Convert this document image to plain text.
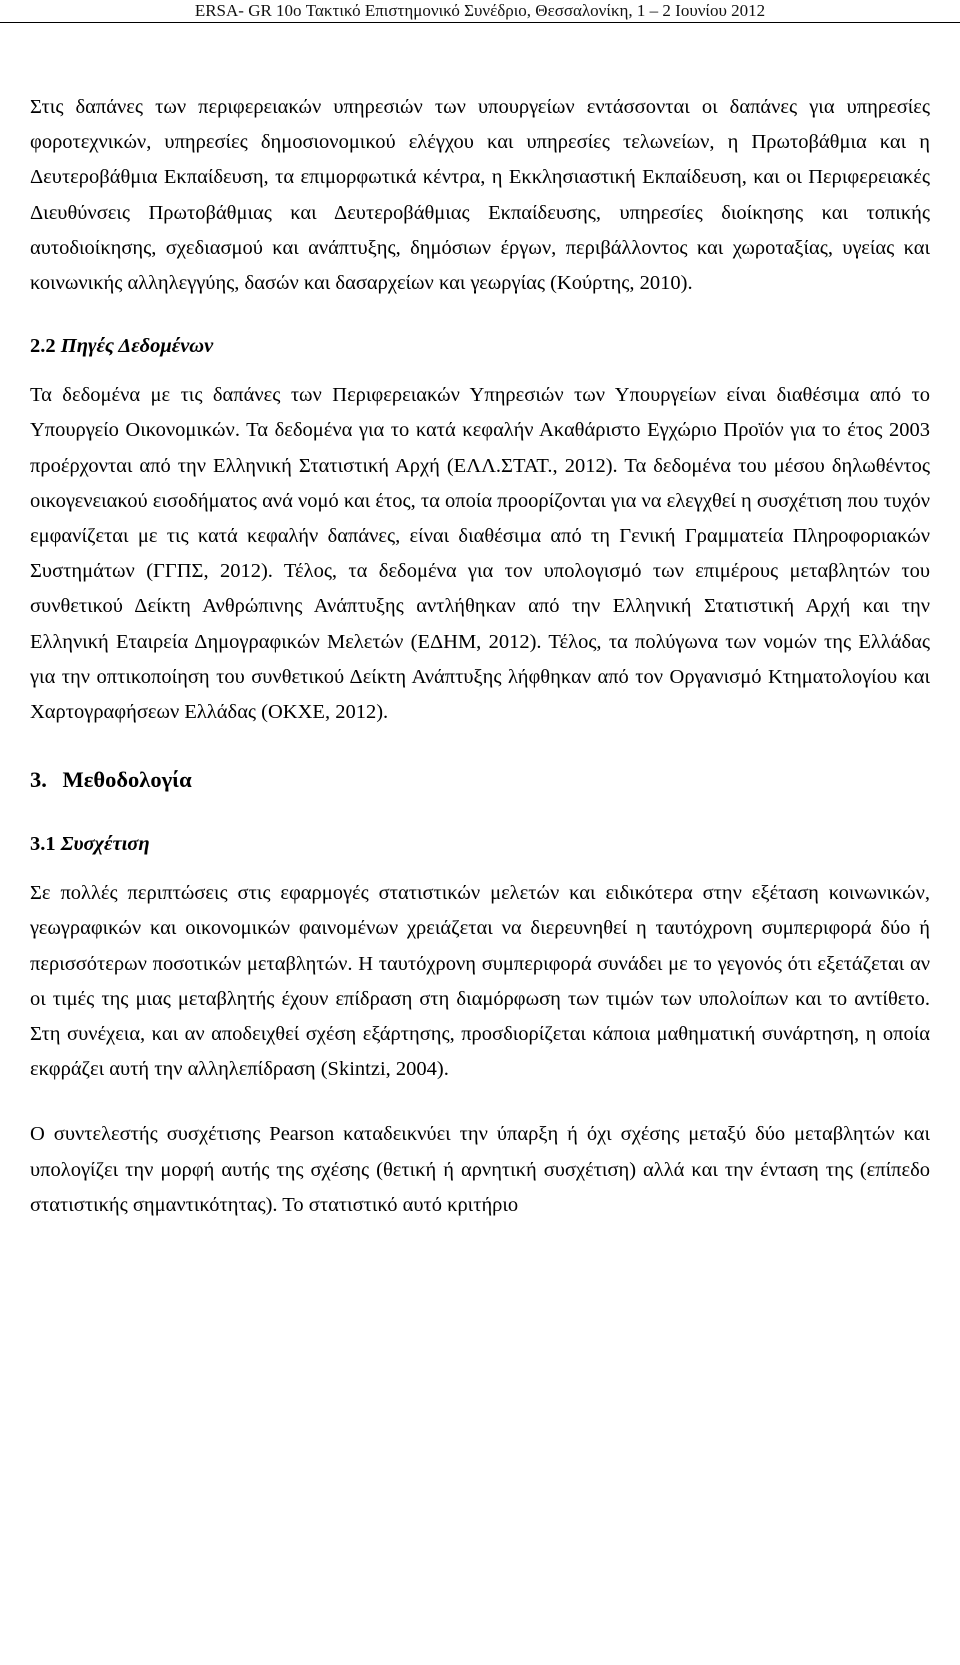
ERSA- GR 10o Τακτικό Επιστημονικό Συνέδριο, Θεσσαλονίκη, 1 – 2 Ιουνίου 2012

Στις δαπάνες των περιφερειακών υπηρεσιών των υπουργείων εντάσσονται οι δαπάνες για υπηρεσίες φοροτεχνικών, υπηρεσίες δημοσιονομικού ελέγχου και υπηρεσίες τελωνείων, η Πρωτοβάθμια και η Δευτεροβάθμια Εκπαίδευση, τα επιμορφωτικά κέντρα, η Εκκλησιαστική Εκπαίδευση, και οι Περιφερειακές Διευθύνσεις Πρωτοβάθμιας και Δευτεροβάθμιας Εκπαίδευσης, υπηρεσίες διοίκησης και τοπικής αυτοδιοίκησης, σχεδιασμού και ανάπτυξης, δημόσιων έργων, περιβάλλοντος και χωροταξίας, υγείας και κοινωνικής αλληλεγγύης, δασών και δασαρχείων και γεωργίας (Κούρτης, 2010).

2.2 Πηγές Δεδομένων

Τα δεδομένα με τις δαπάνες των Περιφερειακών Υπηρεσιών των Υπουργείων είναι διαθέσιμα από το Υπουργείο Οικονομικών. Τα δεδομένα για το κατά κεφαλήν Ακαθάριστο Εγχώριο Προϊόν για το έτος 2003 προέρχονται από την Ελληνική Στατιστική Αρχή (ΕΛΛ.ΣΤΑΤ., 2012). Τα δεδομένα του μέσου δηλωθέντος οικογενειακού εισοδήματος ανά νομό και έτος, τα οποία προορίζονται για να ελεγχθεί η συσχέτιση που τυχόν εμφανίζεται με τις κατά κεφαλήν δαπάνες, είναι διαθέσιμα από τη Γενική Γραμματεία Πληροφοριακών Συστημάτων (ΓΓΠΣ, 2012). Τέλος, τα δεδομένα για τον υπολογισμό των επιμέρους μεταβλητών του συνθετικού Δείκτη Ανθρώπινης Ανάπτυξης αντλήθηκαν από την Ελληνική Στατιστική Αρχή και την Ελληνική Εταιρεία Δημογραφικών Μελετών (ΕΔΗΜ, 2012). Τέλος, τα πολύγωνα των νομών της Ελλάδας για την οπτικοποίηση του συνθετικού Δείκτη Ανάπτυξης λήφθηκαν από τον Οργανισμό Κτηματολογίου και Χαρτογραφήσεων Ελλάδας (ΟΚΧΕ, 2012).

3. Μεθοδολογία
3.1 Συσχέτιση

Σε πολλές περιπτώσεις στις εφαρμογές στατιστικών μελετών και ειδικότερα στην εξέταση κοινωνικών, γεωγραφικών και οικονομικών φαινομένων χρειάζεται να διερευνηθεί η ταυτόχρονη συμπεριφορά δύο ή περισσότερων ποσοτικών μεταβλητών. Η ταυτόχρονη συμπεριφορά συνάδει με το γεγονός ότι εξετάζεται αν οι τιμές της μιας μεταβλητής έχουν επίδραση στη διαμόρφωση των τιμών των υπολοίπων και το αντίθετο. Στη συνέχεια, και αν αποδειχθεί σχέση εξάρτησης, προσδιορίζεται κάποια μαθηματική συνάρτηση, η οποία εκφράζει αυτή την αλληλεπίδραση (Skintzi, 2004).

Ο συντελεστής συσχέτισης Pearson καταδεικνύει την ύπαρξη ή όχι σχέσης μεταξύ δύο μεταβλητών και υπολογίζει την μορφή αυτής της σχέσης (θετική ή αρνητική συσχέτιση) αλλά και την ένταση της (επίπεδο στατιστικής σημαντικότητας). Το στατιστικό αυτό κριτήριο
